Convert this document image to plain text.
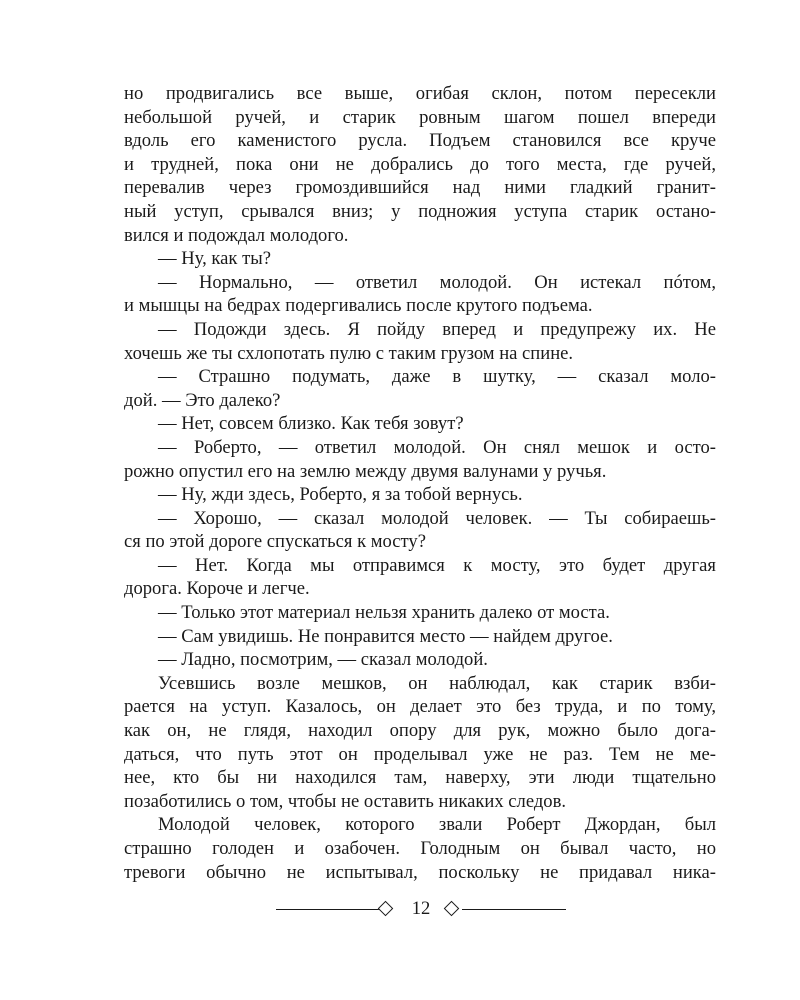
но продвигались все выше, огибая склон, потом пересекли
небольшой ручей, и старик ровным шагом пошел впереди
вдоль его каменистого русла. Подъем становился все круче
и трудней, пока они не добрались до того места, где ручей,
перевалив через громоздившийся над ними гладкий гранит-
ный уступ, срывался вниз; у подножия уступа старик остано-
вился и подождал молодого.
— Ну, как ты?
— Нормально, — ответил молодой. Он истекал пóтом,
и мышцы на бедрах подергивались после крутого подъема.
— Подожди здесь. Я пойду вперед и предупрежу их. Не
хочешь же ты схлопотать пулю с таким грузом на спине.
— Страшно подумать, даже в шутку, — сказал моло-
дой. — Это далеко?
— Нет, совсем близко. Как тебя зовут?
— Роберто, — ответил молодой. Он снял мешок и осто-
рожно опустил его на землю между двумя валунами у ручья.
— Ну, жди здесь, Роберто, я за тобой вернусь.
— Хорошо, — сказал молодой человек. — Ты собираешь-
ся по этой дороге спускаться к мосту?
— Нет. Когда мы отправимся к мосту, это будет другая
дорога. Короче и легче.
— Только этот материал нельзя хранить далеко от моста.
— Сам увидишь. Не понравится место — найдем другое.
— Ладно, посмотрим, — сказал молодой.
Усевшись возле мешков, он наблюдал, как старик взби-
рается на уступ. Казалось, он делает это без труда, и по тому,
как он, не глядя, находил опору для рук, можно было дога-
даться, что путь этот он проделывал уже не раз. Тем не ме-
нее, кто бы ни находился там, наверху, эти люди тщательно
позаботились о том, чтобы не оставить никаких следов.
Молодой человек, которого звали Роберт Джордан, был
страшно голоден и озабочен. Голодным он бывал часто, но
тревоги обычно не испытывал, поскольку не придавал ника-
12
